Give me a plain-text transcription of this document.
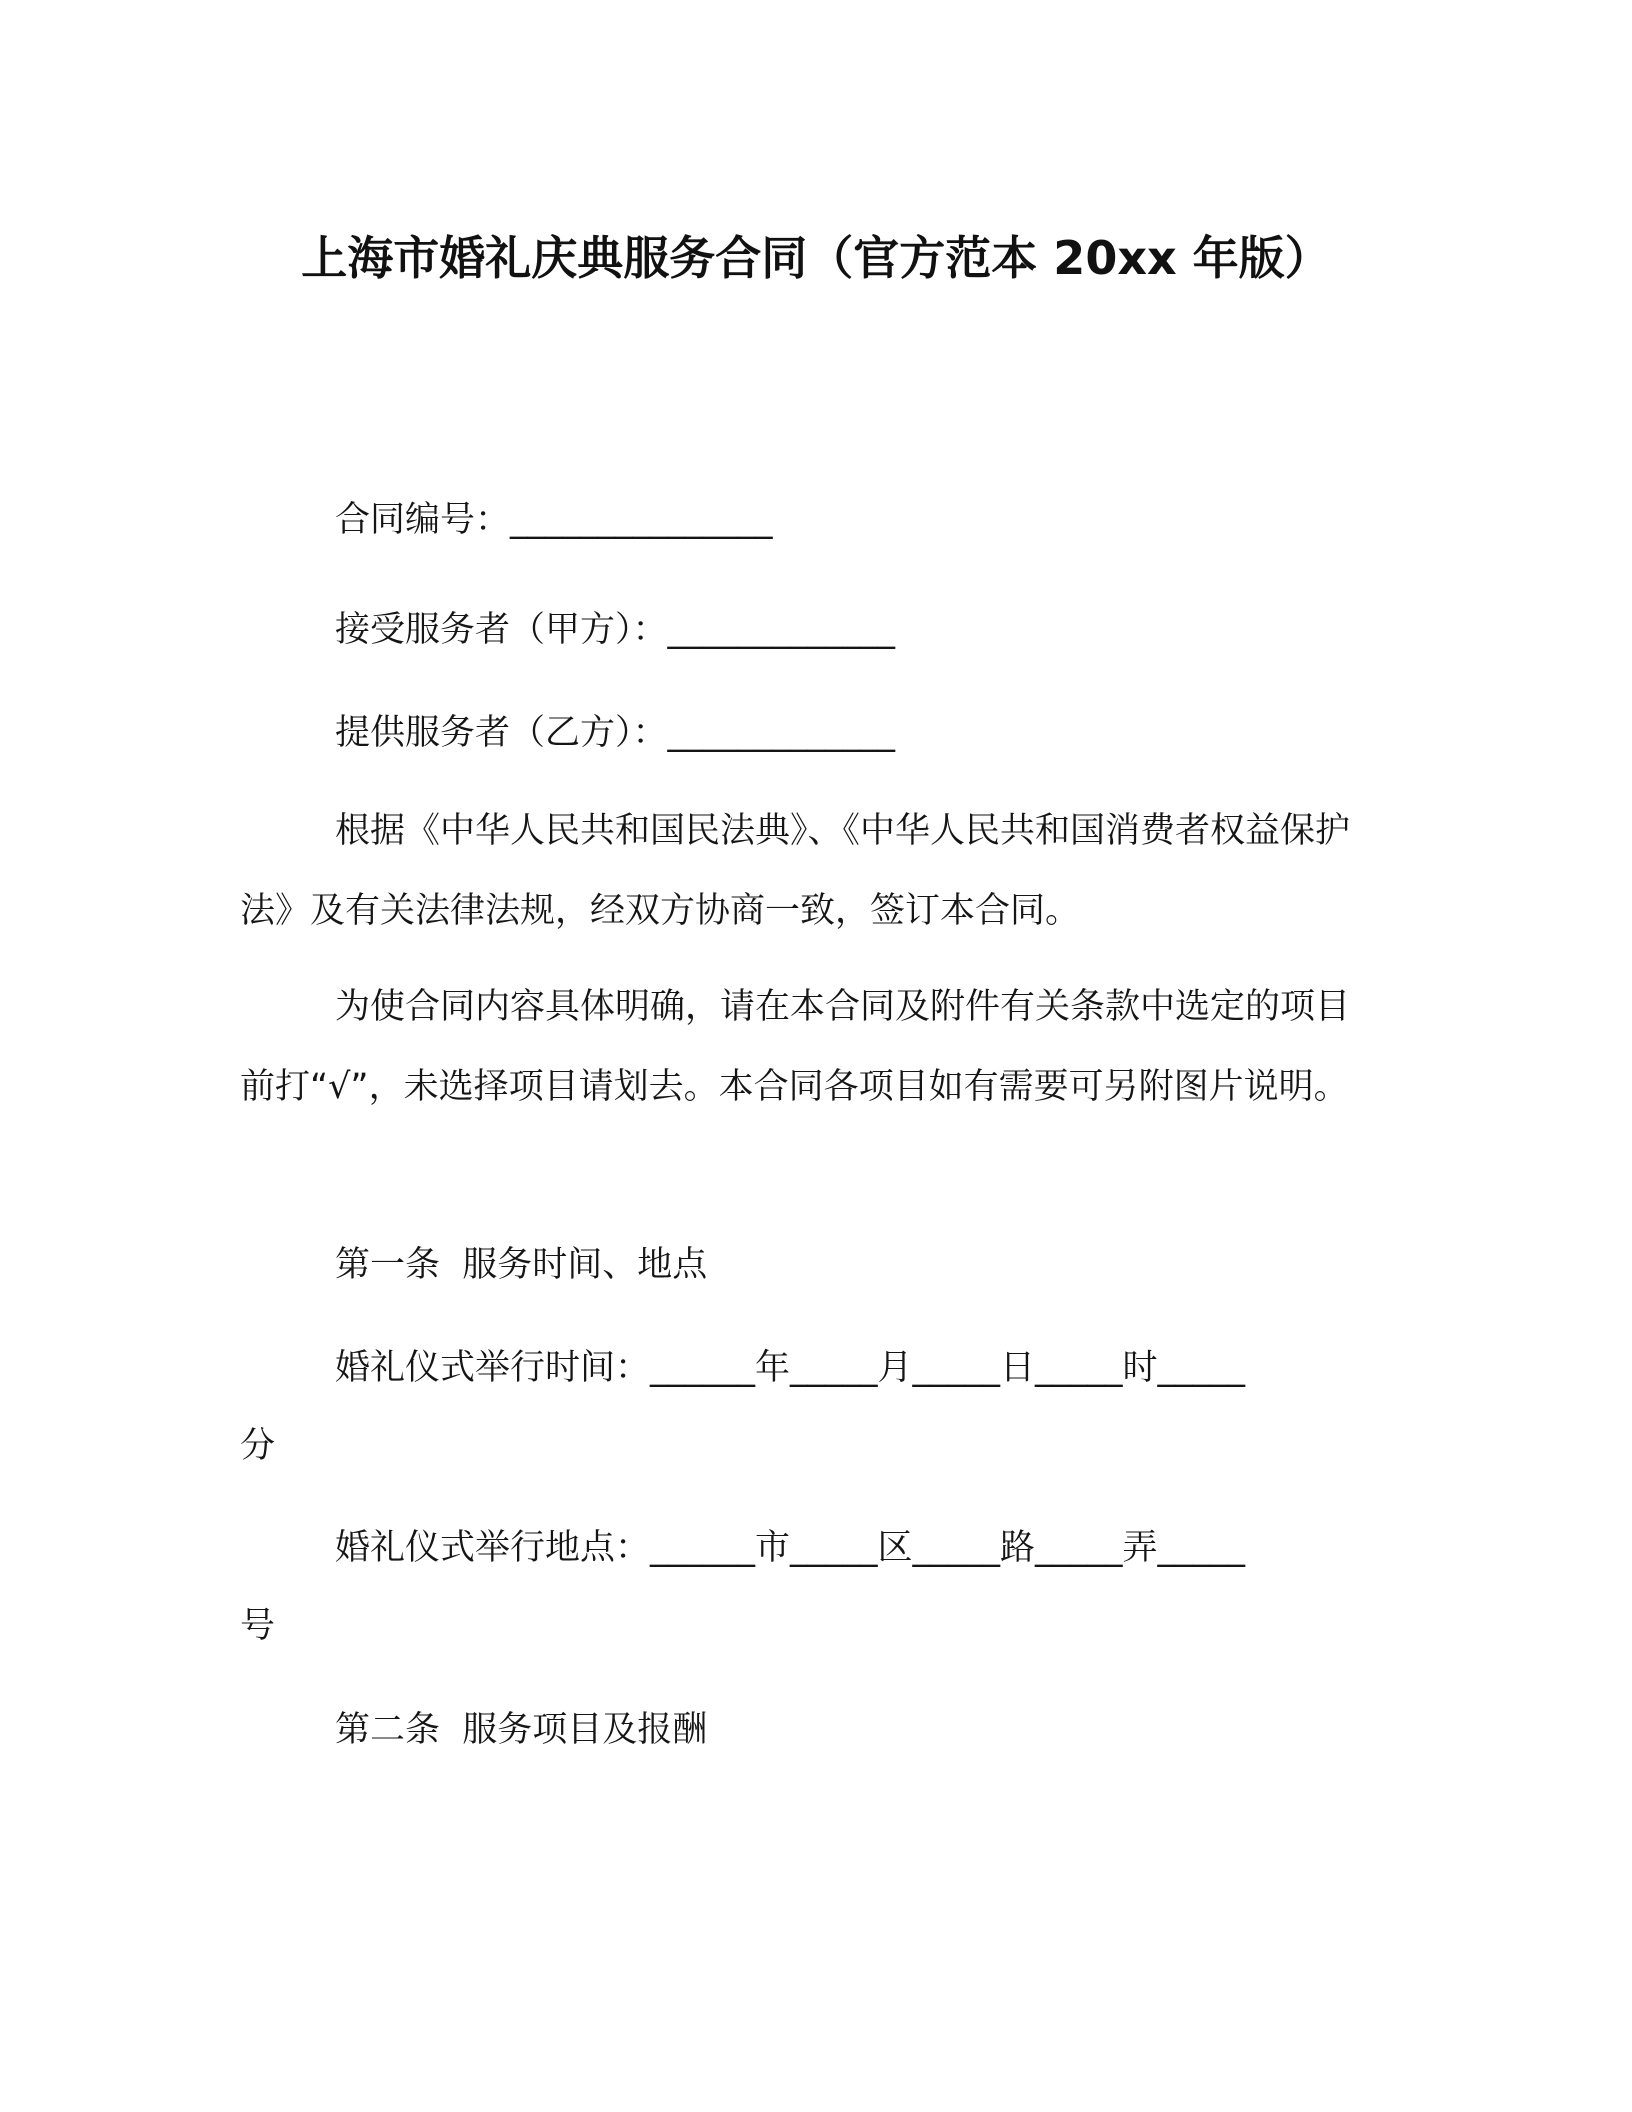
上海市婚礼庆典服务合同（官方范本 20xx 年版）
合同编号：_______________
接受服务者（甲方）：_____________
提供服务者（乙方）：_____________
根据《中华人民共和国民法典》、《中华人民共和国消费者权益保护法》及有关法律法规，经双方协商一致，签订本合同。
为使合同内容具体明确，请在本合同及附件有关条款中选定的项目前打“√”，未选择项目请划去。本合同各项目如有需要可另附图片说明。
第一条  服务时间、地点
婚礼仪式举行时间：______年_____月_____日_____时_____
分
婚礼仪式举行地点：______市_____区_____路_____弄_____
号
第二条  服务项目及报酬
